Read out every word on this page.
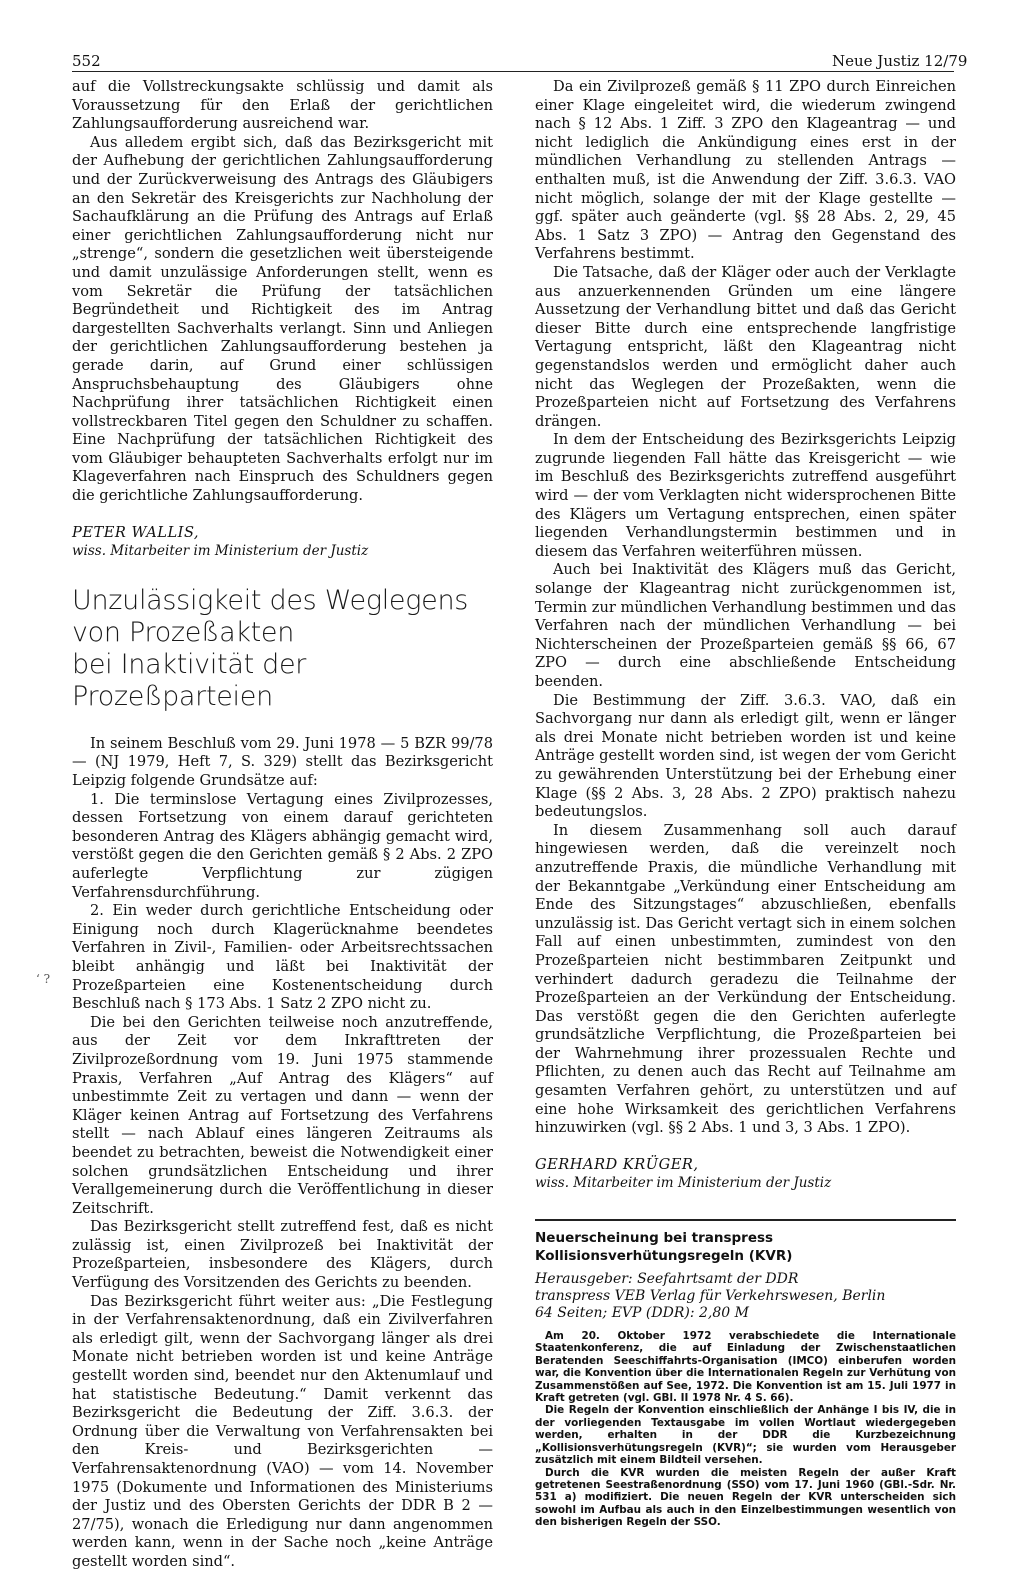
552	Neue Justiz 12/79
‘ ?

auf die Vollstreckungsakte schlüssig und damit als Voraussetzung für den Erlaß der gerichtlichen Zahlungsaufforderung ausreichend war.

Aus alledem ergibt sich, daß das Bezirksgericht mit der Aufhebung der gerichtlichen Zahlungsaufforderung und der Zurückverweisung des Antrags des Gläubigers an den Sekretär des Kreisgerichts zur Nachholung der Sachaufklärung an die Prüfung des Antrags auf Erlaß einer gerichtlichen Zahlungsaufforderung nicht nur „strenge“, sondern die gesetzlichen weit übersteigende und damit unzulässige Anforderungen stellt, wenn es vom Sekretär die Prüfung der tatsächlichen Begründetheit und Richtigkeit des im Antrag dargestellten Sachverhalts verlangt. Sinn und Anliegen der gerichtlichen Zahlungsaufforderung bestehen ja gerade darin, auf Grund einer schlüssigen Anspruchsbehauptung des Gläubigers ohne Nachprüfung ihrer tatsächlichen Richtigkeit einen vollstreckbaren Titel gegen den Schuldner zu schaffen. Eine Nachprüfung der tatsächlichen Richtigkeit des vom Gläubiger behaupteten Sachverhalts erfolgt nur im Klageverfahren nach Einspruch des Schuldners gegen die gerichtliche Zahlungsaufforderung.

PETER WALLIS,
wiss. Mitarbeiter im Ministerium der Justiz
Unzulässigkeit des Weglegens
von Prozeßakten
bei Inaktivität der Prozeßparteien

In seinem Beschluß vom 29. Juni 1978 — 5 BZR 99/78 — (NJ 1979, Heft 7, S. 329) stellt das Bezirksgericht Leipzig folgende Grundsätze auf:

1. Die terminslose Vertagung eines Zivilprozesses, dessen Fortsetzung von einem darauf gerichteten besonderen Antrag des Klägers abhängig gemacht wird, verstößt gegen die den Gerichten gemäß § 2 Abs. 2 ZPO auferlegte Verpflichtung zur zügigen Verfahrensdurchführung.

2. Ein weder durch gerichtliche Entscheidung oder Einigung noch durch Klagerücknahme beendetes Verfahren in Zivil-, Familien- oder Arbeitsrechtssachen bleibt anhängig und läßt bei Inaktivität der Prozeßparteien eine Kostenentscheidung durch Beschluß nach § 173 Abs. 1 Satz 2 ZPO nicht zu.

Die bei den Gerichten teilweise noch anzutreffende, aus der Zeit vor dem Inkrafttreten der Zivilprozeßordnung vom 19. Juni 1975 stammende Praxis, Verfahren „Auf Antrag des Klägers“ auf unbestimmte Zeit zu vertagen und dann — wenn der Kläger keinen Antrag auf Fortsetzung des Verfahrens stellt — nach Ablauf eines längeren Zeitraums als beendet zu betrachten, beweist die Notwendigkeit einer solchen grundsätzlichen Entscheidung und ihrer Verallgemeinerung durch die Veröffentlichung in dieser Zeitschrift.

Das Bezirksgericht stellt zutreffend fest, daß es nicht zulässig ist, einen Zivilprozeß bei Inaktivität der Prozeßparteien, insbesondere des Klägers, durch Verfügung des Vorsitzenden des Gerichts zu beenden.

Das Bezirksgericht führt weiter aus: „Die Festlegung in der Verfahrensaktenordnung, daß ein Zivilverfahren als erledigt gilt, wenn der Sachvorgang länger als drei Monate nicht betrieben worden ist und keine Anträge gestellt worden sind, beendet nur den Aktenumlauf und hat statistische Bedeutung.“ Damit verkennt das Bezirksgericht die Bedeutung der Ziff. 3.6.3. der Ordnung über die Verwaltung von Verfahrensakten bei den Kreis- und Bezirksgerichten — Verfahrensaktenordnung (VAO) — vom 14. November 1975 (Dokumente und Informationen des Ministeriums der Justiz und des Obersten Gerichts der DDR B 2 — 27/75), wonach die Erledigung nur dann angenommen werden kann, wenn in der Sache noch „keine Anträge gestellt worden sind“.

Da ein Zivilprozeß gemäß § 11 ZPO durch Einreichen einer Klage eingeleitet wird, die wiederum zwingend nach § 12 Abs. 1 Ziff. 3 ZPO den Klageantrag — und nicht lediglich die Ankündigung eines erst in der mündlichen Verhandlung zu stellenden Antrags — enthalten muß, ist die Anwendung der Ziff. 3.6.3. VAO nicht möglich, solange der mit der Klage gestellte — ggf. später auch geänderte (vgl. §§ 28 Abs. 2, 29, 45 Abs. 1 Satz 3 ZPO) — Antrag den Gegenstand des Verfahrens bestimmt.

Die Tatsache, daß der Kläger oder auch der Verklagte aus anzuerkennenden Gründen um eine längere Aussetzung der Verhandlung bittet und daß das Gericht dieser Bitte durch eine entsprechende langfristige Vertagung entspricht, läßt den Klageantrag nicht gegenstandslos werden und ermöglicht daher auch nicht das Weglegen der Prozeßakten, wenn die Prozeßparteien nicht auf Fortsetzung des Verfahrens drängen.

In dem der Entscheidung des Bezirksgerichts Leipzig zugrunde liegenden Fall hätte das Kreisgericht — wie im Beschluß des Bezirksgerichts zutreffend ausgeführt wird — der vom Verklagten nicht widersprochenen Bitte des Klägers um Vertagung entsprechen, einen später liegenden Verhandlungstermin bestimmen und in diesem das Verfahren weiterführen müssen.

Auch bei Inaktivität des Klägers muß das Gericht, solange der Klageantrag nicht zurückgenommen ist, Termin zur mündlichen Verhandlung bestimmen und das Verfahren nach der mündlichen Verhandlung — bei Nichterscheinen der Prozeßparteien gemäß §§ 66, 67 ZPO — durch eine abschließende Entscheidung beenden.

Die Bestimmung der Ziff. 3.6.3. VAO, daß ein Sachvorgang nur dann als erledigt gilt, wenn er länger als drei Monate nicht betrieben worden ist und keine Anträge gestellt worden sind, ist wegen der vom Gericht zu gewährenden Unterstützung bei der Erhebung einer Klage (§§ 2 Abs. 3, 28 Abs. 2 ZPO) praktisch nahezu bedeutungslos.

In diesem Zusammenhang soll auch darauf hingewiesen werden, daß die vereinzelt noch anzutreffende Praxis, die mündliche Verhandlung mit der Bekanntgabe „Verkündung einer Entscheidung am Ende des Sitzungstages“ abzuschließen, ebenfalls unzulässig ist. Das Gericht vertagt sich in einem solchen Fall auf einen unbestimmten, zumindest von den Prozeßparteien nicht bestimmbaren Zeitpunkt und verhindert dadurch geradezu die Teilnahme der Prozeßparteien an der Verkündung der Entscheidung. Das verstößt gegen die den Gerichten auferlegte grundsätzliche Verpflichtung, die Prozeßparteien bei der Wahrnehmung ihrer prozessualen Rechte und Pflichten, zu denen auch das Recht auf Teilnahme am gesamten Verfahren gehört, zu unterstützen und auf eine hohe Wirksamkeit des gerichtlichen Verfahrens hinzuwirken (vgl. §§ 2 Abs. 1 und 3, 3 Abs. 1 ZPO).

GERHARD KRÜGER,
wiss. Mitarbeiter im Ministerium der Justiz
Neuerscheinung bei transpress
Kollisionsverhütungsregeln (KVR)
Herausgeber: Seefahrtsamt der DDR
transpress VEB Verlag für Verkehrswesen, Berlin
64 Seiten; EVP (DDR): 2,80 M

Am 20. Oktober 1972 verabschiedete die Internationale Staatenkonferenz, die auf Einladung der Zwischenstaatlichen Beratenden Seeschiffahrts-Organisation (IMCO) einberufen worden war, die Konvention über die Internationalen Regeln zur Verhütung von Zusammenstößen auf See, 1972. Die Konvention ist am 15. Juli 1977 in Kraft getreten (vgl. GBl. II 1978 Nr. 4 S. 66).

Die Regeln der Konvention einschließlich der Anhänge I bis IV, die in der vorliegenden Textausgabe im vollen Wortlaut wiedergegeben werden, erhalten in der DDR die Kurzbezeichnung „Kollisionsverhütungsregeln (KVR)“; sie wurden vom Herausgeber zusätzlich mit einem Bildteil versehen.

Durch die KVR wurden die meisten Regeln der außer Kraft getretenen Seestraßenordnung (SSO) vom 17. Juni 1960 (GBl.-Sdr. Nr. 531 a) modifiziert. Die neuen Regeln der KVR unterscheiden sich sowohl im Aufbau als auch in den Einzelbestimmungen wesentlich von den bisherigen Regeln der SSO.
